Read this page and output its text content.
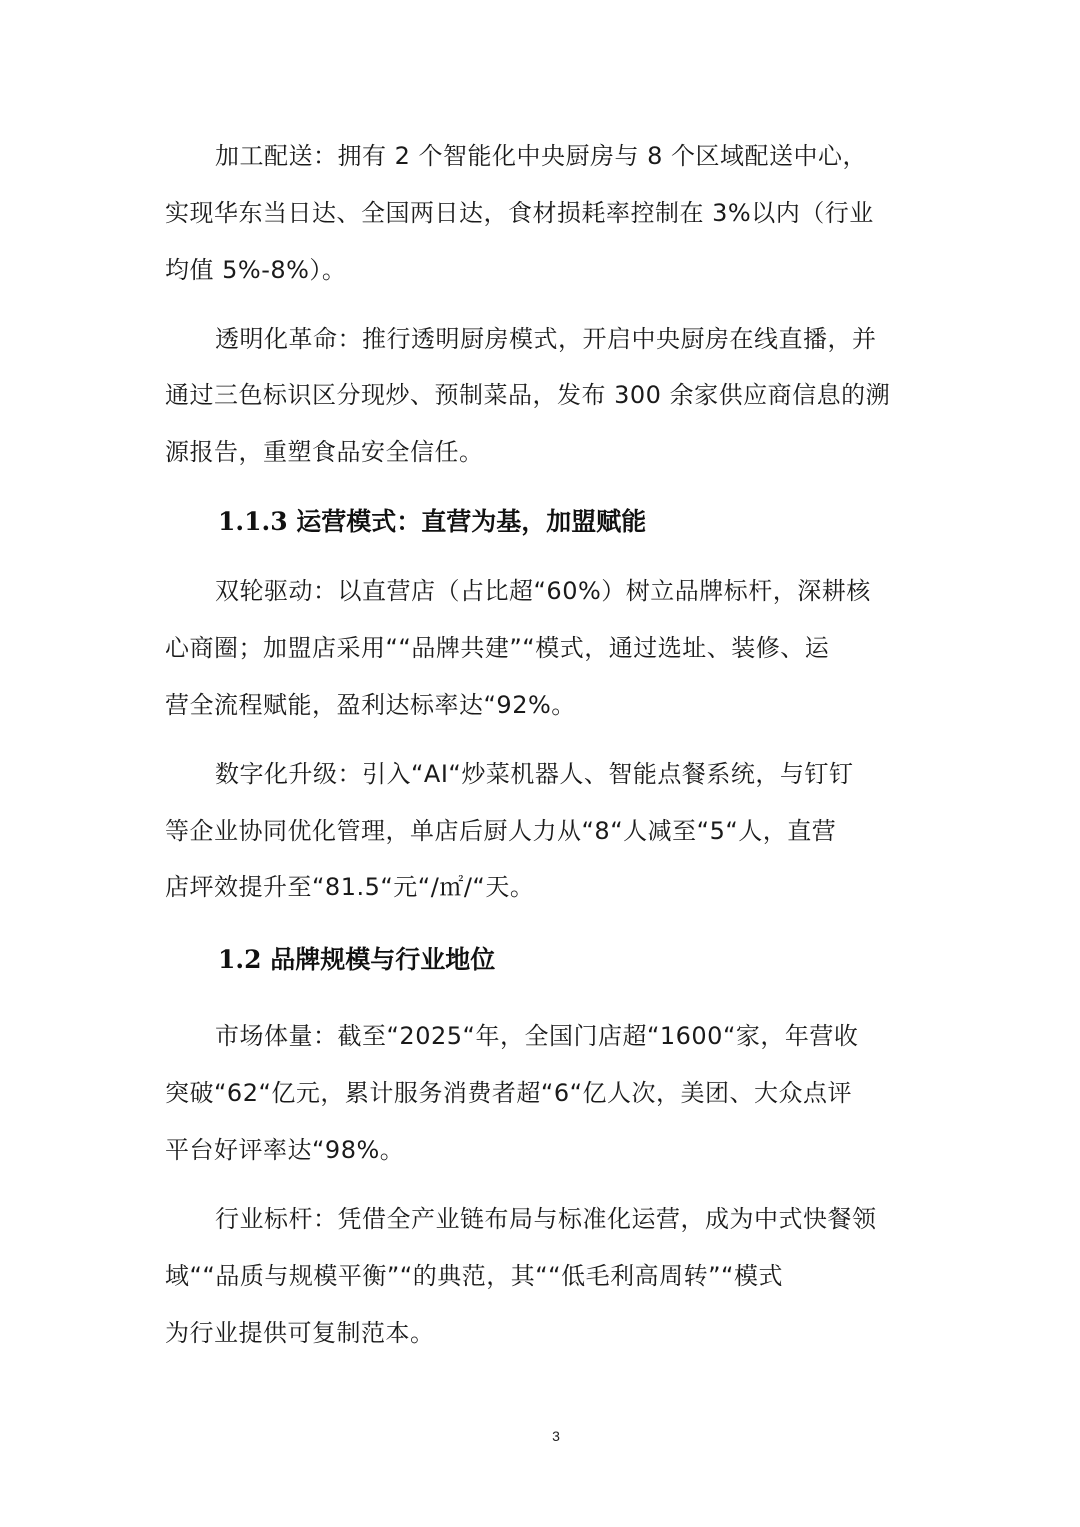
加工配送：拥有 2 个智能化中央厨房与 8 个区域配送中心，

实现华东当日达、全国两日达，食材损耗率控制在 3%以内（行业

均值 5%-8%）。

透明化革命：推行透明厨房模式，开启中央厨房在线直播，并

通过三色标识区分现炒、预制菜品，发布 300 余家供应商信息的溯

源报告，重塑食品安全信任。

1.1.3 运营模式：直营为基，加盟赋能

双轮驱动：以直营店（占比超“60%）树立品牌标杆，深耕核

心商圈；加盟店采用““品牌共建”“模式，通过选址、装修、运

营全流程赋能，盈利达标率达“92%。

数字化升级：引入“AI“炒菜机器人、智能点餐系统，与钉钉

等企业协同优化管理，单店后厨人力从“8“人减至“5“人，直营

店坪效提升至“81.5“元“/㎡/“天。

1.2 品牌规模与行业地位

市场体量：截至“2025“年，全国门店超“1600“家，年营收

突破“62“亿元，累计服务消费者超“6“亿人次，美团、大众点评

平台好评率达“98%。

行业标杆：凭借全产业链布局与标准化运营，成为中式快餐领

域““品质与规模平衡”“的典范，其““低毛利高周转”“模式

为行业提供可复制范本。

3
